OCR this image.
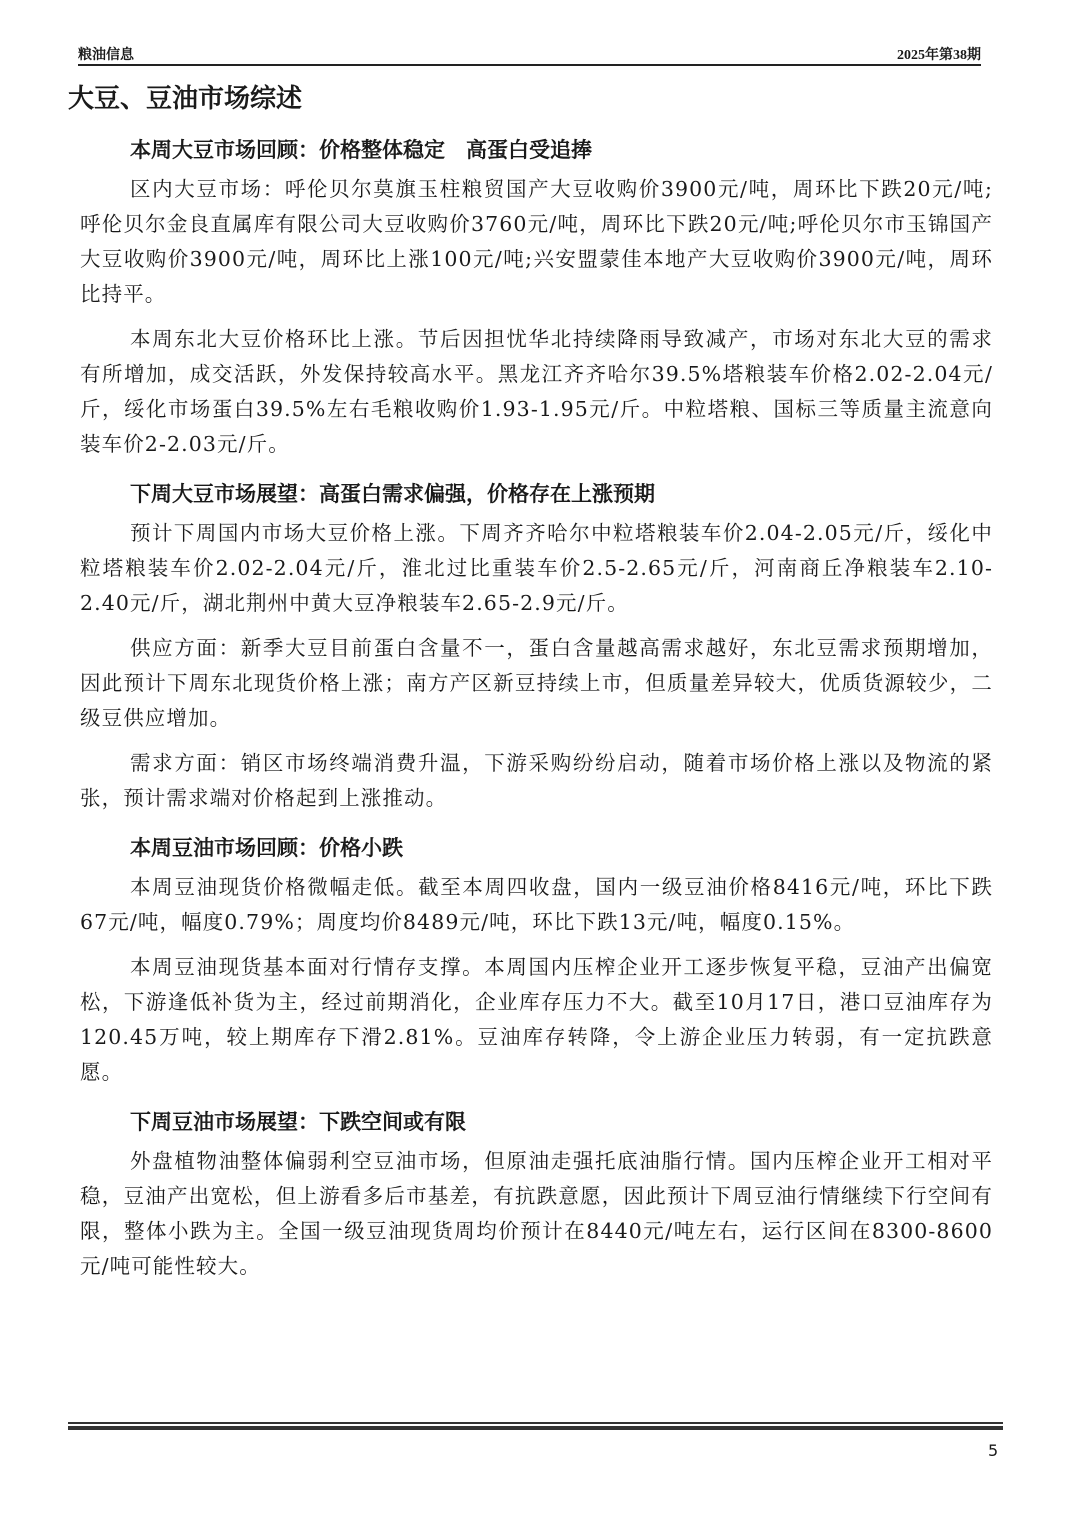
粮油信息	2025年第38期
大豆、豆油市场综述
本周大豆市场回顾：价格整体稳定　高蛋白受追捧

区内大豆市场：呼伦贝尔莫旗玉柱粮贸国产大豆收购价3900元/吨，周环比下跌20元/吨;呼伦贝尔金良直属库有限公司大豆收购价3760元/吨，周环比下跌20元/吨;呼伦贝尔市玉锦国产大豆收购价3900元/吨，周环比上涨100元/吨;兴安盟蒙佳本地产大豆收购价3900元/吨，周环比持平。

本周东北大豆价格环比上涨。节后因担忧华北持续降雨导致减产，市场对东北大豆的需求有所增加，成交活跃，外发保持较高水平。黑龙江齐齐哈尔39.5%塔粮装车价格2.02-2.04元/斤，绥化市场蛋白39.5%左右毛粮收购价1.93-1.95元/斤。中粒塔粮、国标三等质量主流意向装车价2-2.03元/斤。

下周大豆市场展望：高蛋白需求偏强，价格存在上涨预期

预计下周国内市场大豆价格上涨。下周齐齐哈尔中粒塔粮装车价2.04-2.05元/斤，绥化中粒塔粮装车价2.02-2.04元/斤，淮北过比重装车价2.5-2.65元/斤，河南商丘净粮装车2.10-2.40元/斤，湖北荆州中黄大豆净粮装车2.65-2.9元/斤。

供应方面：新季大豆目前蛋白含量不一，蛋白含量越高需求越好，东北豆需求预期增加，因此预计下周东北现货价格上涨；南方产区新豆持续上市，但质量差异较大，优质货源较少，二级豆供应增加。

需求方面：销区市场终端消费升温，下游采购纷纷启动，随着市场价格上涨以及物流的紧张，预计需求端对价格起到上涨推动。

本周豆油市场回顾：价格小跌

本周豆油现货价格微幅走低。截至本周四收盘，国内一级豆油价格8416元/吨，环比下跌67元/吨，幅度0.79%；周度均价8489元/吨，环比下跌13元/吨，幅度0.15%。

本周豆油现货基本面对行情存支撑。本周国内压榨企业开工逐步恢复平稳，豆油产出偏宽松，下游逢低补货为主，经过前期消化，企业库存压力不大。截至10月17日，港口豆油库存为120.45万吨，较上期库存下滑2.81%。豆油库存转降，令上游企业压力转弱，有一定抗跌意愿。

下周豆油市场展望：下跌空间或有限

外盘植物油整体偏弱利空豆油市场，但原油走强托底油脂行情。国内压榨企业开工相对平稳，豆油产出宽松，但上游看多后市基差，有抗跌意愿，因此预计下周豆油行情继续下行空间有限，整体小跌为主。全国一级豆油现货周均价预计在8440元/吨左右，运行区间在8300-8600元/吨可能性较大。

5
